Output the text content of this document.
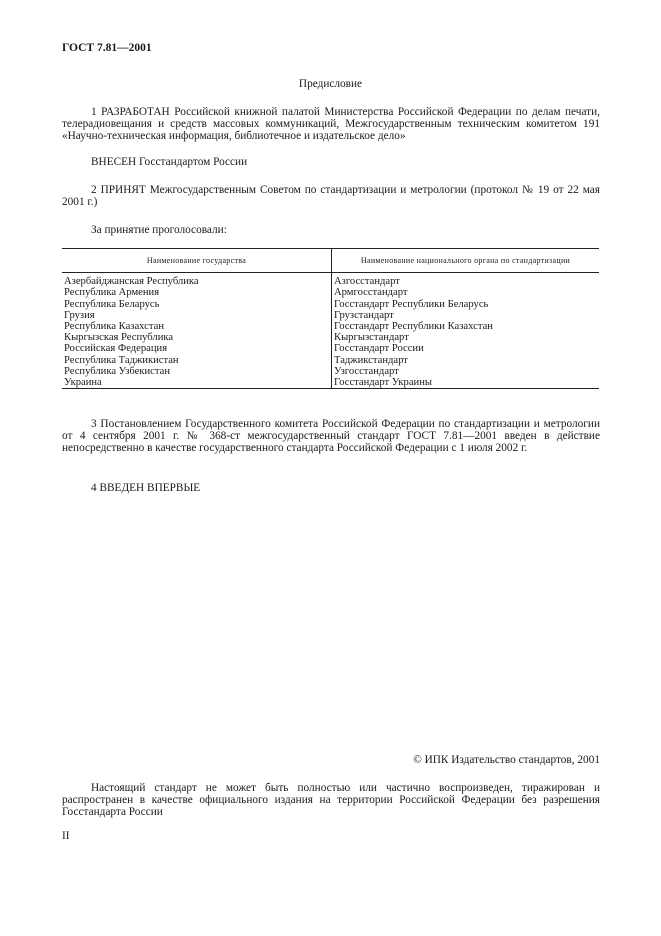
ГОСТ 7.81—2001
Предисловие
1 РАЗРАБОТАН Российской книжной палатой Министерства Российской Федерации по делам печати, телерадиовещания и средств массовых коммуникаций, Межгосударственным техническим комитетом 191 «Научно-техническая информация, библиотечное и издательское дело»
ВНЕСЕН Госстандартом России
2 ПРИНЯТ Межгосударственным Советом по стандартизации и метрологии (протокол № 19 от 22 мая 2001 г.)
За принятие проголосовали:
Наименование государства	Наименование национального органа по стандартизации
Азербайджанская Республика	Азгосстандарт
Республика Армения	Армгосстандарт
Республика Беларусь	Госстандарт Республики Беларусь
Грузия	Грузстандарт
Республика Казахстан	Госстандарт Республики Казахстан
Кыргызская Республика	Кыргызстандарт
Российская Федерация	Госстандарт России
Республика Таджикистан	Таджикстандарт
Республика Узбекистан	Узгосстандарт
Украина	Госстандарт Украины
3 Постановлением Государственного комитета Российской Федерации по стандартизации и метрологии от 4 сентября 2001 г. № 368-ст межгосударственный стандарт ГОСТ 7.81—2001 введен в действие непосредственно в качестве государственного стандарта Российской Федерации с 1 июля 2002 г.
4 ВВЕДЕН ВПЕРВЫЕ
© ИПК Издательство стандартов, 2001
Настоящий стандарт не может быть полностью или частично воспроизведен, тиражирован и распространен в качестве официального издания на территории Российской Федерации без разрешения Госстандарта России
II
